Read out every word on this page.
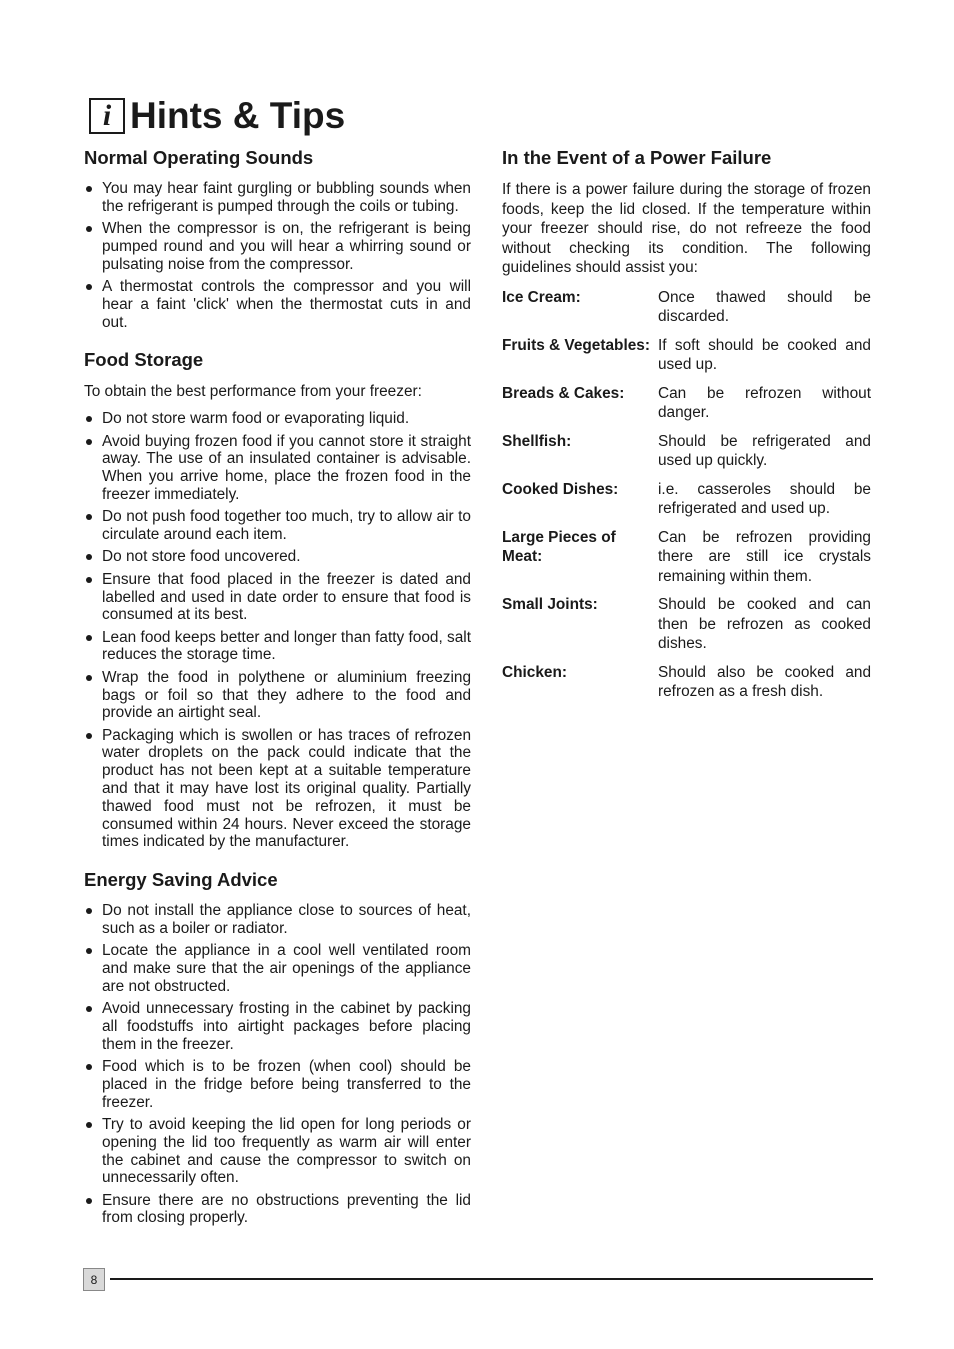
i Hints & Tips
Normal Operating Sounds
You may hear faint gurgling or bubbling sounds when the refrigerant is pumped through the coils or tubing.
When the compressor is on, the refrigerant is being pumped round and you will hear a whirring sound or pulsating noise from the compressor.
A thermostat controls the compressor and you will hear a faint 'click' when the thermostat cuts in and out.
Food Storage

To obtain the best performance from your freezer:

Do not store warm food or evaporating liquid.
Avoid buying frozen food if you cannot store it straight away. The use of an insulated container is advisable. When you arrive home, place the frozen food in the freezer immediately.
Do not push food together too much, try to allow air to circulate around each item.
Do not store food uncovered.
Ensure that food placed in the freezer is dated and labelled and used in date order to ensure that food is consumed at its best.
Lean food keeps better and longer than fatty food, salt reduces the storage time.
Wrap the food in polythene or aluminium freezing bags or foil so that they adhere to the food and provide an airtight seal.
Packaging which is swollen or has traces of refrozen water droplets on the pack could indicate that the product has not been kept at a suitable temperature and that it may have lost its original quality. Partially thawed food must not be refrozen, it must be consumed within 24 hours. Never exceed the storage times indicated by the manufacturer.
Energy Saving Advice
Do not install the appliance close to sources of heat, such as a boiler or radiator.
Locate the appliance in a cool well ventilated room and make sure that the air openings of the appliance are not obstructed.
Avoid unnecessary frosting in the cabinet by packing all foodstuffs into airtight packages before placing them in the freezer.
Food which is to be frozen (when cool) should be placed in the fridge before being transferred to the freezer.
Try to avoid keeping the lid open for long periods or opening the lid too frequently as warm air will enter the cabinet and cause the compressor to switch on unnecessarily often.
Ensure there are no obstructions preventing the lid from closing properly.
In the Event of a Power Failure

If there is a power failure during the storage of frozen foods, keep the lid closed. If the temperature within your freezer should rise, do not refreeze the food without checking its condition. The following guidelines should assist you:

Ice Cream:	Once thawed should be discarded.
Fruits & Vegetables: If soft should be cooked and used up.
Breads & Cakes:	Can be refrozen without danger.
Shellfish:	Should be refrigerated and used up quickly.
Cooked Dishes:	i.e. casseroles should be refrigerated and used up.
Large Pieces of Meat:
Can be refrozen providing there are still ice crystals remaining within them.
Small Joints:	Should be cooked and can then be refrozen as cooked dishes.
Chicken:	Should also be cooked and refrozen as a fresh dish.
8
